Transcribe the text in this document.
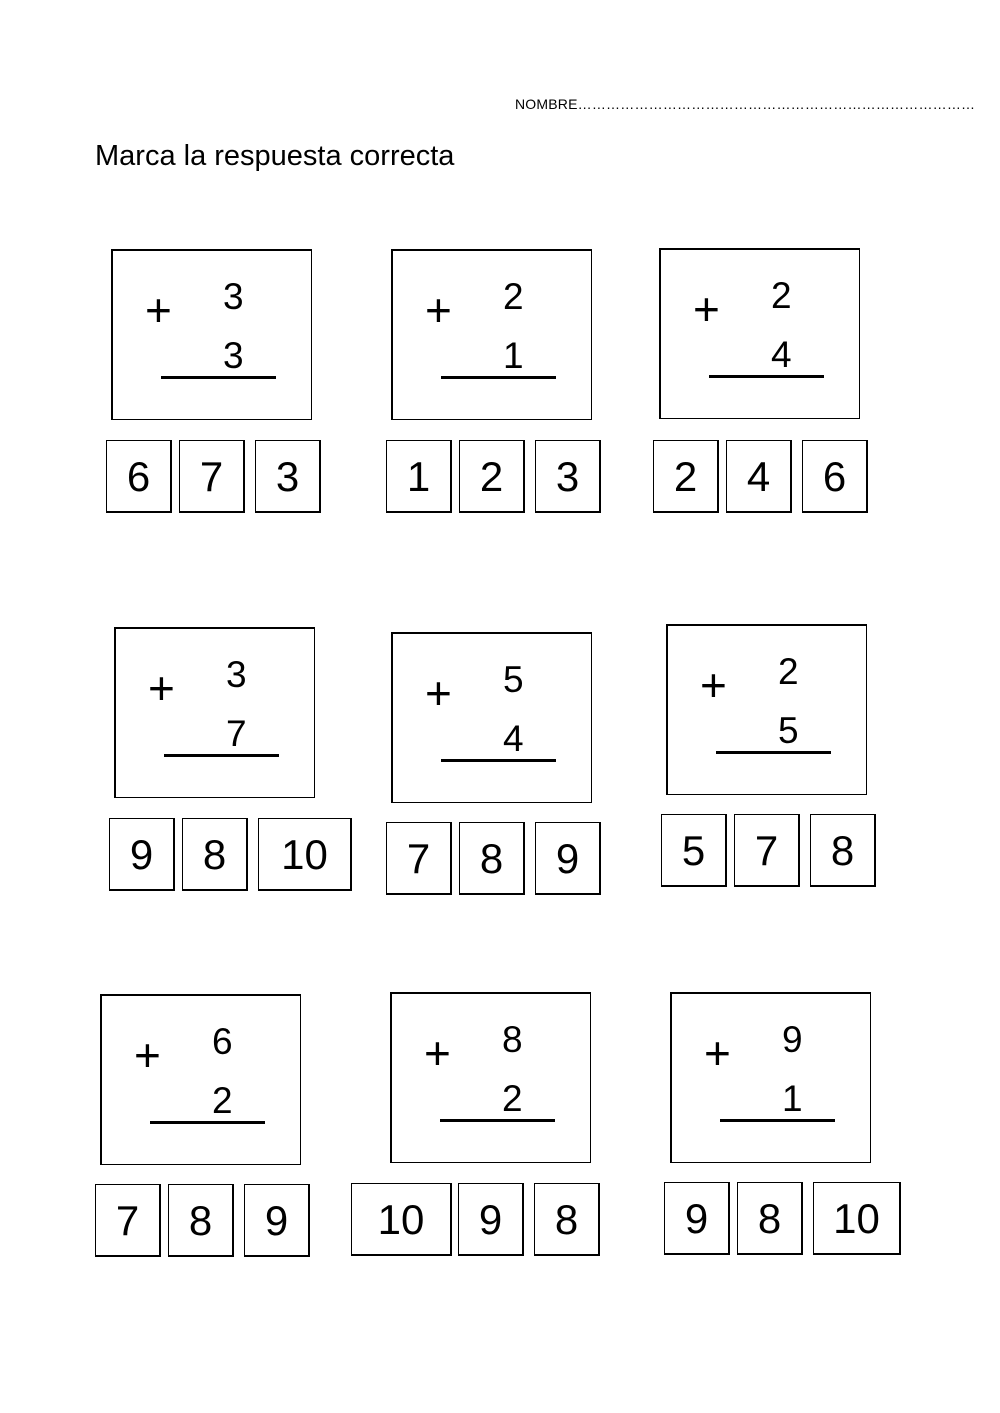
NOMBRE…………………………………………………………………………
Marca la respuesta correcta
+ 3
3
6	7	3
+ 2
1
1	2	3
+ 2
4
2	4	6
+ 3
7
9	8	10
+ 5
4
7	8	9
+ 2
5
5	7	8
+ 6
2
7	8	9
+ 8
2
10	9	8
+ 9
1
9	8	10
